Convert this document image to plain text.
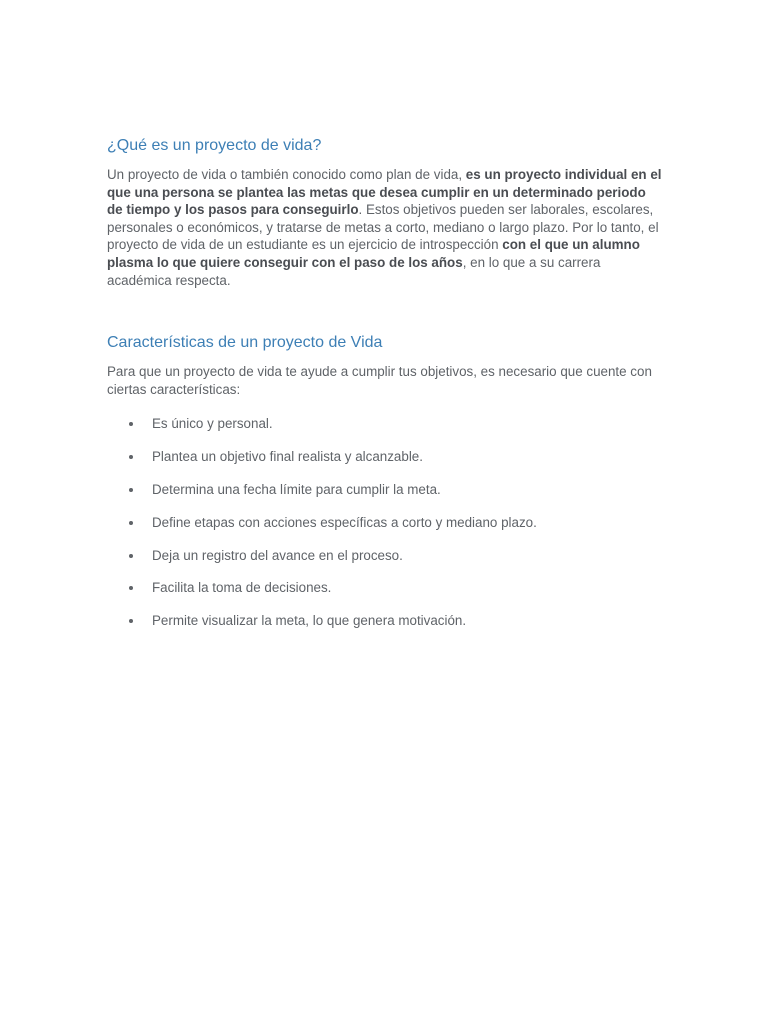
¿Qué es un proyecto de vida?

Un proyecto de vida o también conocido como plan de vida, es un proyecto individual en el que una persona se plantea las metas que desea cumplir en un determinado periodo de tiempo y los pasos para conseguirlo. Estos objetivos pueden ser laborales, escolares, personales o económicos, y tratarse de metas a corto, mediano o largo plazo. Por lo tanto, el proyecto de vida de un estudiante es un ejercicio de introspección con el que un alumno plasma lo que quiere conseguir con el paso de los años, en lo que a su carrera académica respecta.

Características de un proyecto de Vida

Para que un proyecto de vida te ayude a cumplir tus objetivos, es necesario que cuente con ciertas características:

Es único y personal.
Plantea un objetivo final realista y alcanzable.
Determina una fecha límite para cumplir la meta.
Define etapas con acciones específicas a corto y mediano plazo.
Deja un registro del avance en el proceso.
Facilita la toma de decisiones.
Permite visualizar la meta, lo que genera motivación.
